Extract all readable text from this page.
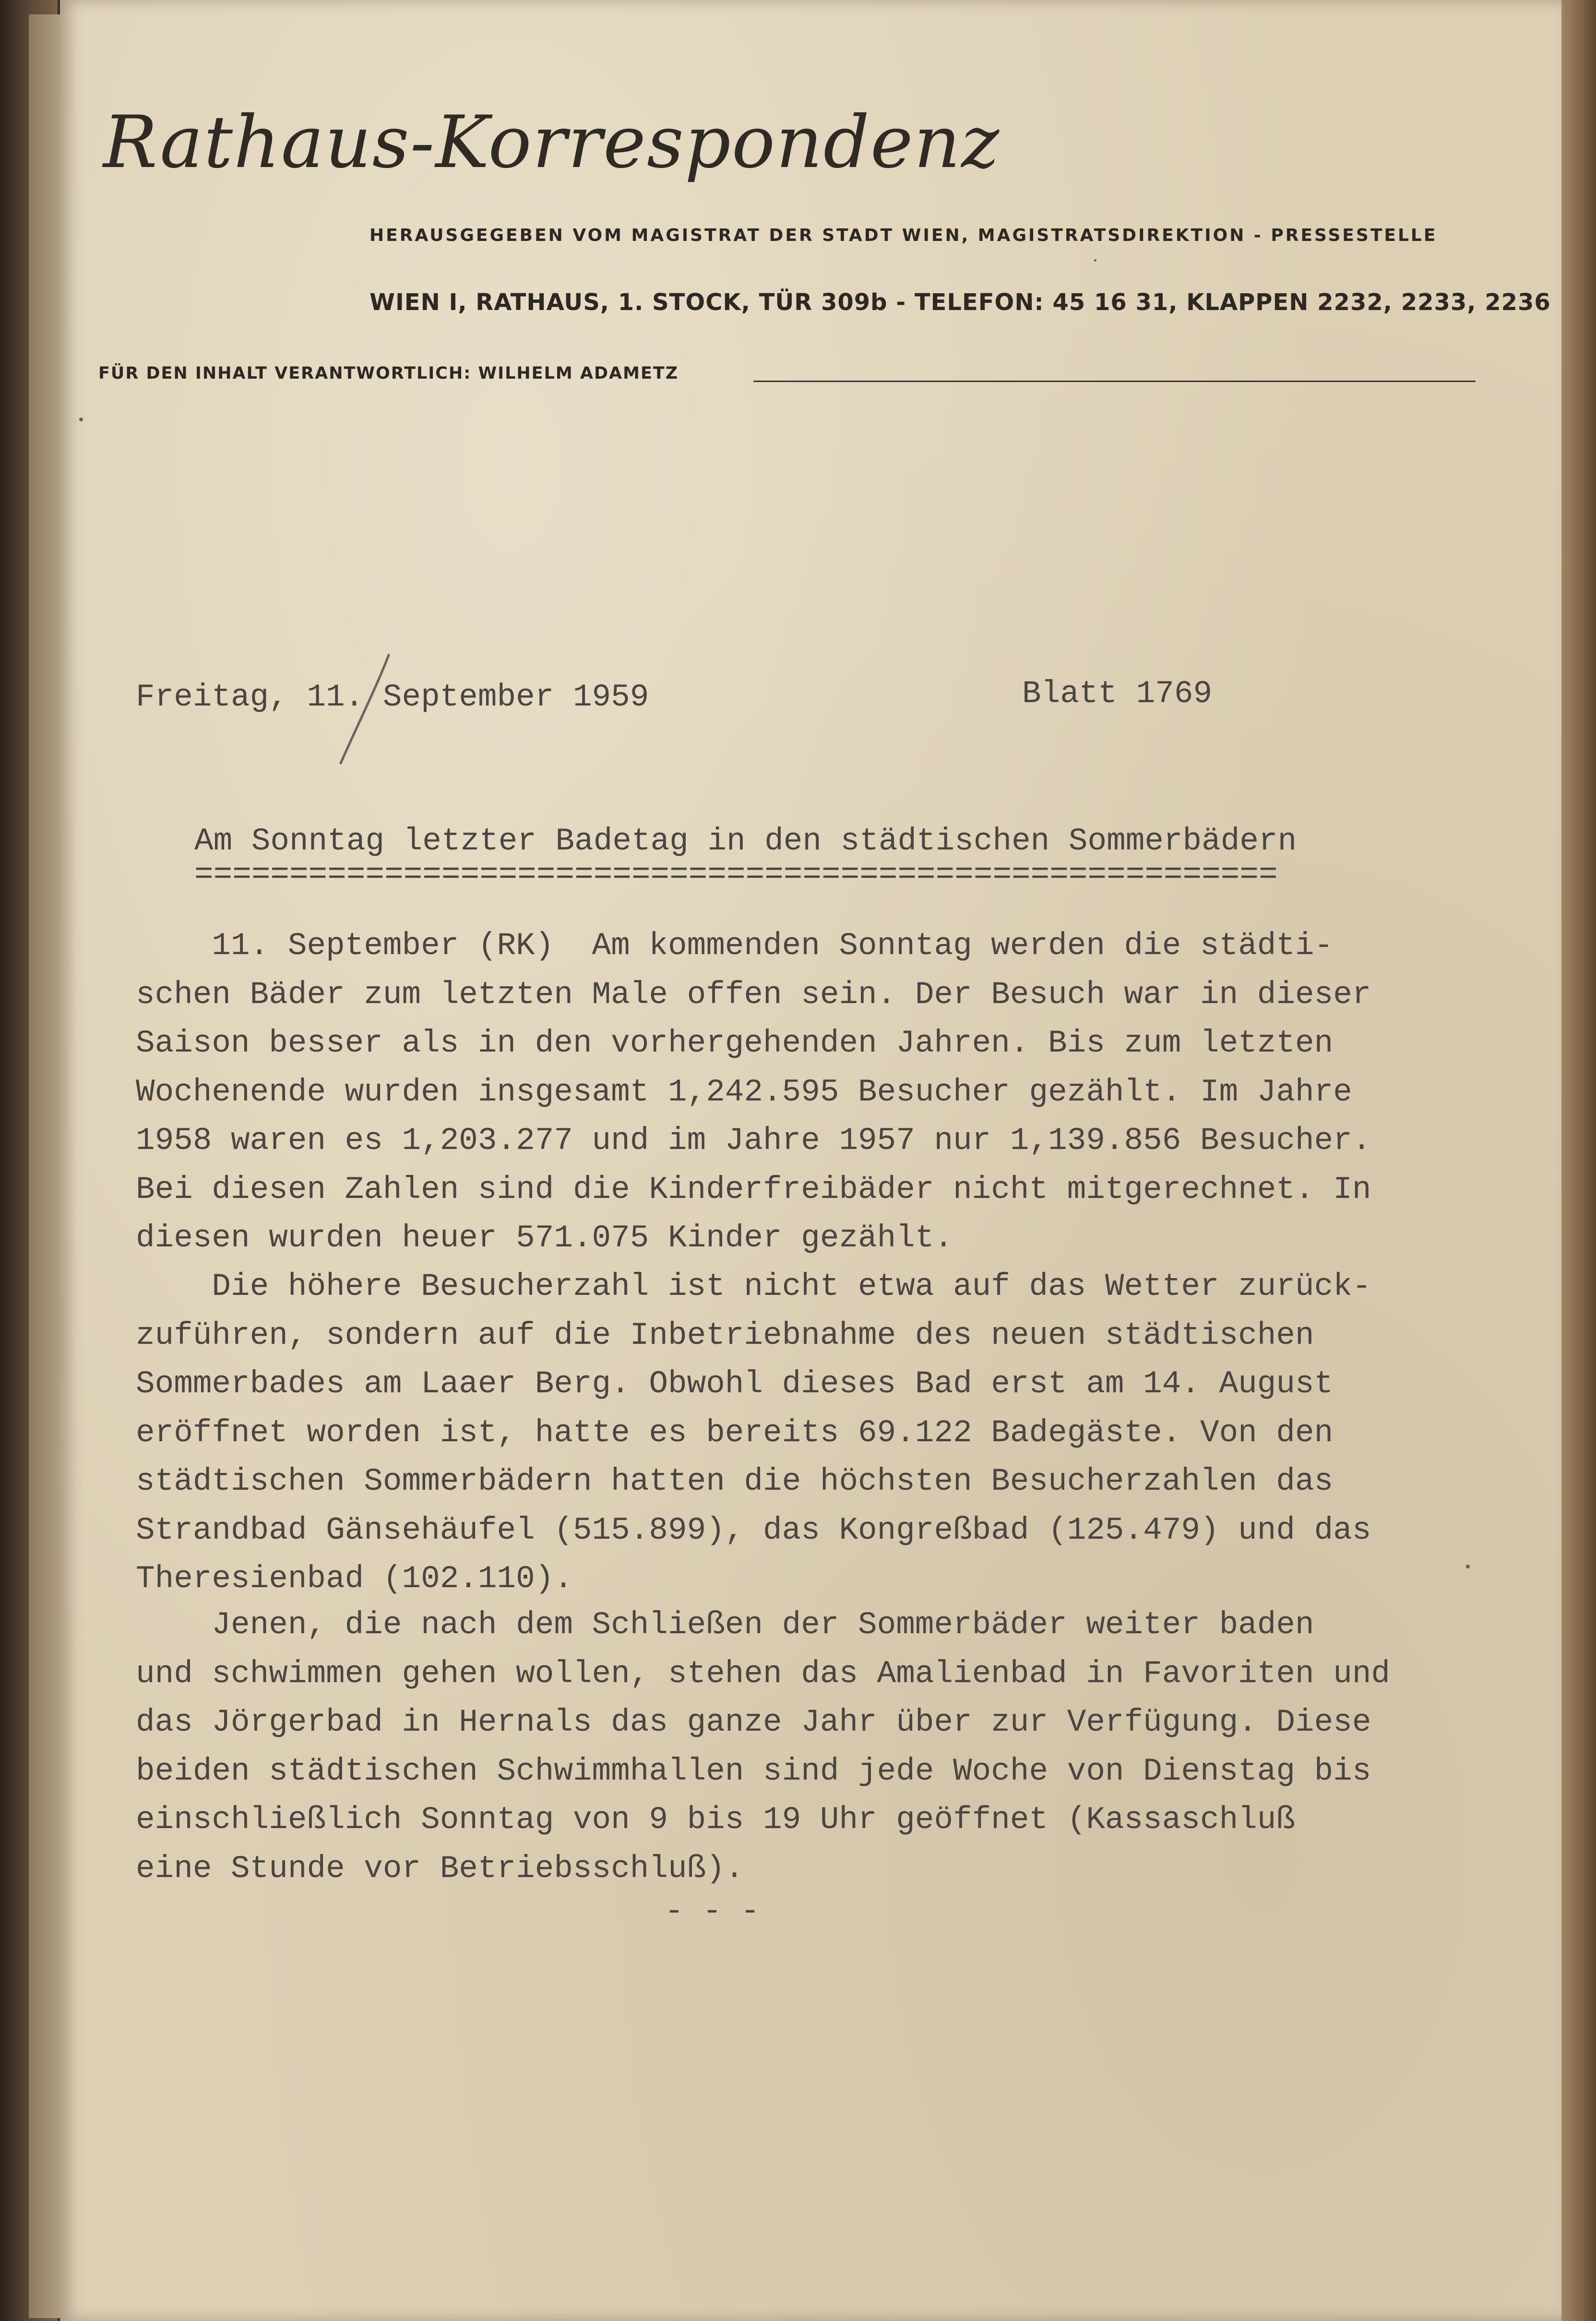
Rathaus-Korrespondenz
HERAUSGEGEBEN VOM MAGISTRAT DER STADT WIEN, MAGISTRATSDIREKTION - PRESSESTELLE
WIEN I, RATHAUS, 1. STOCK, TÜR 309b - TELEFON: 45 16 31, KLAPPEN 2232, 2233, 2236
FÜR DEN INHALT VERANTWORTLICH: WILHELM ADAMETZ
Freitag, 11. September 1959	Blatt 1769
Am Sonntag letzter Badetag in den städtischen Sommerbädern
=========================================================
11. September (RK)  Am kommenden Sonntag werden die städti-
schen Bäder zum letzten Male offen sein. Der Besuch war in dieser
Saison besser als in den vorhergehenden Jahren. Bis zum letzten
Wochenende wurden insgesamt 1,242.595 Besucher gezählt. Im Jahre
1958 waren es 1,203.277 und im Jahre 1957 nur 1,139.856 Besucher.
Bei diesen Zahlen sind die Kinderfreibäder nicht mitgerechnet. In
diesen wurden heuer 571.075 Kinder gezählt.
Die höhere Besucherzahl ist nicht etwa auf das Wetter zurück-
zuführen, sondern auf die Inbetriebnahme des neuen städtischen
Sommerbades am Laaer Berg. Obwohl dieses Bad erst am 14. August
eröffnet worden ist, hatte es bereits 69.122 Badegäste. Von den
städtischen Sommerbädern hatten die höchsten Besucherzahlen das
Strandbad Gänsehäufel (515.899), das Kongreßbad (125.479) und das
Theresienbad (102.110).
Jenen, die nach dem Schließen der Sommerbäder weiter baden
und schwimmen gehen wollen, stehen das Amalienbad in Favoriten und
das Jörgerbad in Hernals das ganze Jahr über zur Verfügung. Diese
beiden städtischen Schwimmhallen sind jede Woche von Dienstag bis
einschließlich Sonntag von 9 bis 19 Uhr geöffnet (Kassaschluß
eine Stunde vor Betriebsschluß).
- - -
